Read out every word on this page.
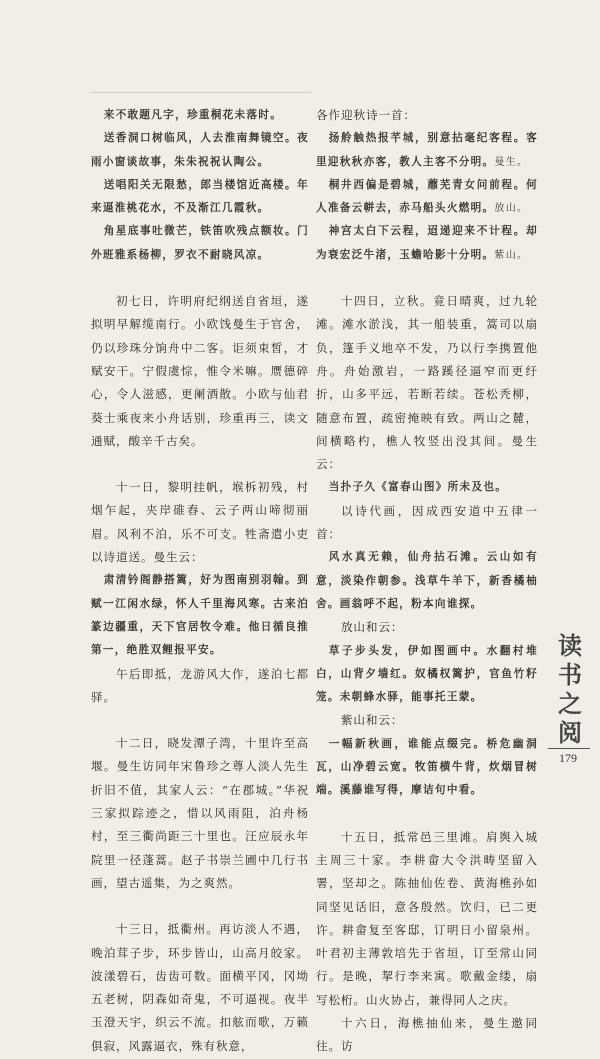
来不敢题凡字，珍重桐花未落时。

送香洞口树临风，人去淮南舞镜空。夜雨小窗谈故事，朱朱祝祝认陶公。

送唱阳关无限愁，郎当楼馆近高楼。年来逼淮桃花水，不及渐江几霞秋。

角星底事吐微芒，铁笛吹残点额妆。门外班雅系杨柳，罗衣不耐晓风凉。

初七日，许明府纪纲送自省垣，遂拟明早解缆南行。小欧饯曼生于官舍，仍以珍珠分饷舟中二客。讵须束皙，才赋安干。宁假虞悰，惟令米嘛。赝德碎心，令人滋感，更阑酒散。小欧与仙君葵士乘夜来小舟话别，珍重再三，读文通赋，酸辛千古矣。

十一日，黎明挂帆，堠柝初残，村烟乍起，夹岸碓舂、云子两山啼彻丽眉。风利不泊，乐不可支。牲斋遣小吏以诗道送。曼生云：

肃清钤阁静搭篱，好为图南别羽翰。到赋一江闲水绿，怀人千里海风寒。古来泊篆边疆重，天下官居牧令难。他日循良推第一，绝胜双鲤报平安。

午后即抵，龙游风大作，遂泊七都驿。

十二日，晓发潭子湾，十里许至高堰。曼生访同年宋鲁珍之尊人淡人先生折旧不值，其家人云：“在郡城。”华祝三家拟踪迹之，惜以风雨阻，泊舟杨村，至三衢尚距三十里也。汪应辰永年院里一径蓬蒿。赵子书崇兰圃中几行书画，望古遥集，为之爽然。

十三日，抵衢州。再访淡人不遇，晚泊茸子步，环步皆山，山高月皎家。波漾碧石，齿齿可数。面横平冈，冈坳五老树，阴森如奇鬼，不可逼视。夜半玉澄天宇，织云不流。扣舷而歌，万籁俱寂，风露逼衣，殊有秋意，

各作迎秋诗一首：

扬舲触热报芊城，别意拈毫纪客程。客里迎秋秋亦客，教人主客不分明。曼生。

桐井西偏是碧城，蘼芜青女问前程。何人准备云軿去，赤马船头火燃明。放山。

神宫太白下云程，迢递迎来不计程。却为衰宏泛牛渚，玉蟾哈影十分明。紫山。

十四日，立秋。竟日晴爽，过九轮滩。滩水淤浅，其一船装重，篙司以扇负，篷手义地卒不发，乃以行李携置他舟。舟始激岩，一路蹊径逼窄而更纡折，山多平远，若断若续。苍松秃柳，随意布置，疏密掩映有致。两山之麓，间横略杓，樵人牧竖出没其间。曼生云：

当扑子久《富春山图》所未及也。

以诗代画，因成西安道中五律一首：

风水真无赖，仙舟拈石滩。云山如有意，淡染作朝参。浅草牛羊下，新香橘柚舍。画翁呼不起，粉本向谁探。

放山和云：

草子步头发，伊如图画中。水翻村堆白，山背夕墙红。奴橘权篱护，官鱼竹籽笼。未朝蜂水驿，能事托王蒙。

紫山和云：

一幅新秋画，谁能点缀完。桥危幽洞瓦，山净碧云宽。牧笛横牛背，炊烟冒树端。溪藤谁写得，摩诘句中看。

十五日，抵常邑三里滩。肩舆入城主周三十家。李耕畲大令洪畴坚留入署，坚却之。陈抽仙佐卷、黄海樵孙如同坚见话旧，意各殷然。饮归，已二更许。耕畲复至客邸，订明日小留泉州。叶君初主薄敦培先于省垣，订至常山同行。是晚，挈行李来寓。歌戴金缕，扇写松桁。山火协占，兼得同人之庆。

十六日，海樵抽仙来，曼生邀同往。访

读
书
之
阅
179
